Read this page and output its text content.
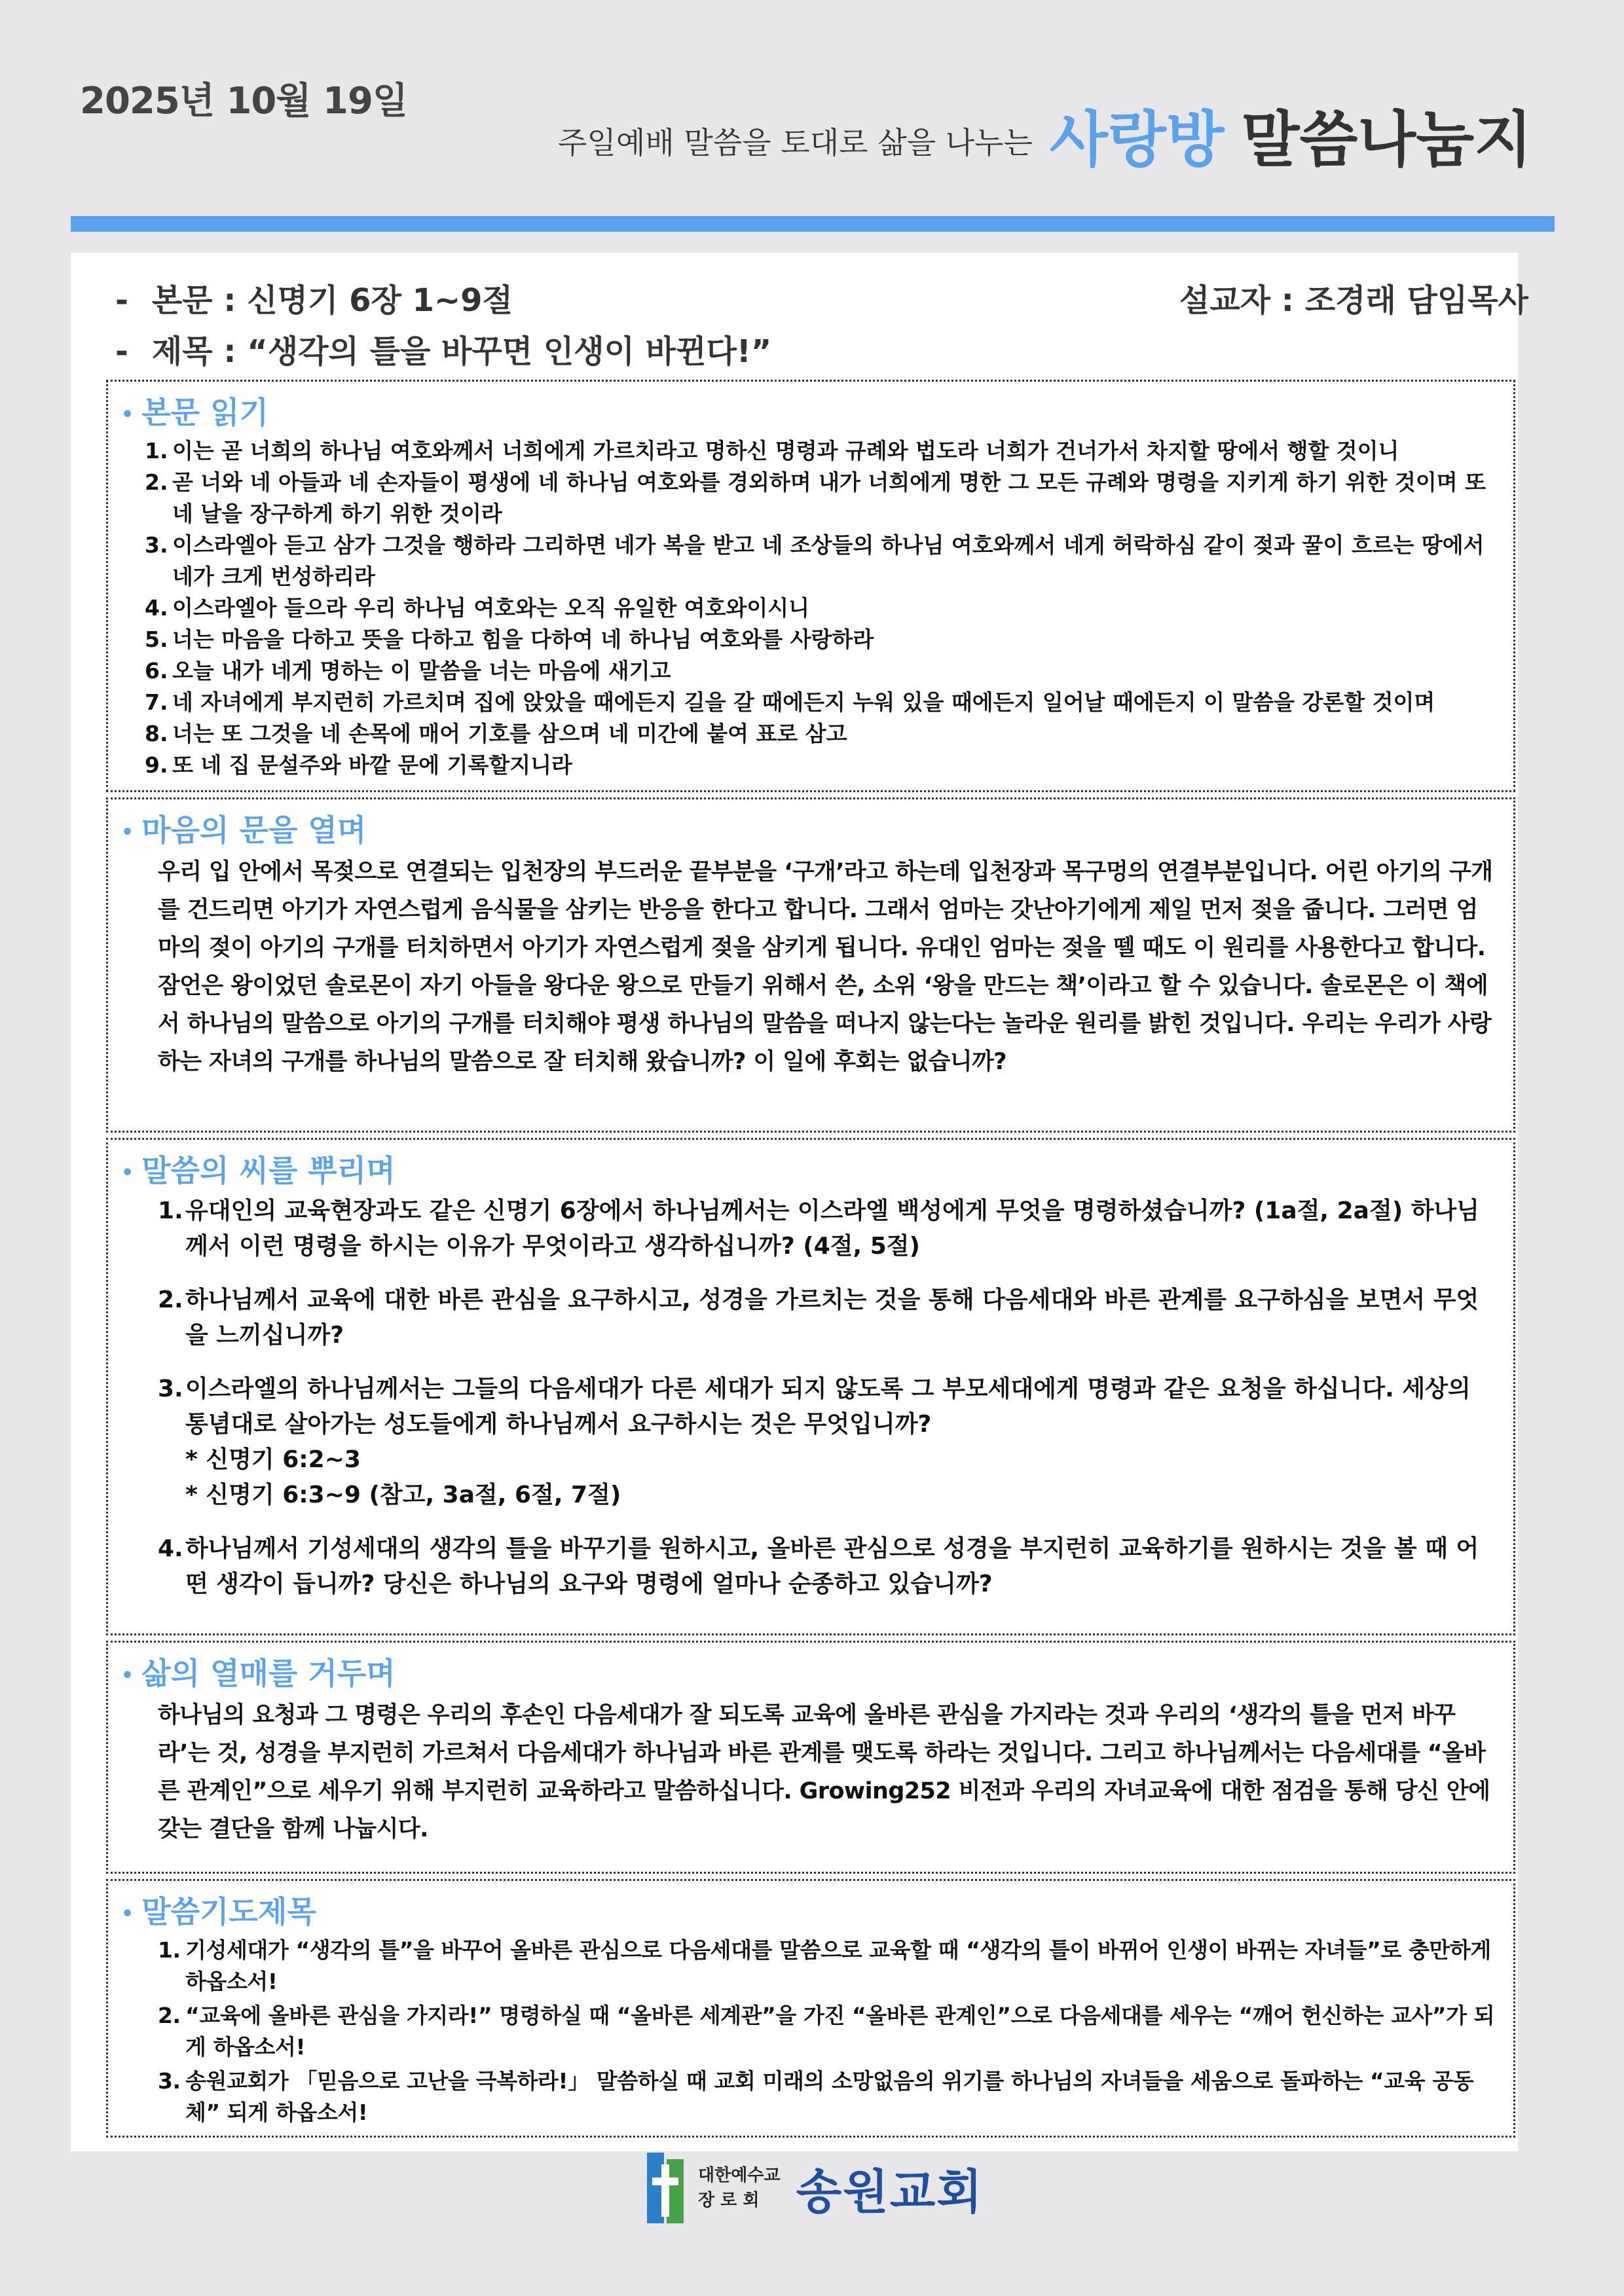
2025년 10월 19일
주일예배 말씀을 토대로 삶을 나누는 사랑방 말씀나눔지
- 본문 : 신명기 6장 1~9절
- 제목 : “생각의 틀을 바꾸면 인생이 바뀐다!”
설교자 : 조경래 담임목사
• 본문 읽기
1. 이는 곧 너희의 하나님 여호와께서 너희에게 가르치라고 명하신 명령과 규례와 법도라 너희가 건너가서 차지할 땅에서 행할 것이니
2. 곧 너와 네 아들과 네 손자들이 평생에 네 하나님 여호와를 경외하며 내가 너희에게 명한 그 모든 규례와 명령을 지키게 하기 위한 것이며 또 네 날을 장구하게 하기 위한 것이라
3. 이스라엘아 듣고 삼가 그것을 행하라 그리하면 네가 복을 받고 네 조상들의 하나님 여호와께서 네게 허락하심 같이 젖과 꿀이 흐르는 땅에서 네가 크게 번성하리라
4. 이스라엘아 들으라 우리 하나님 여호와는 오직 유일한 여호와이시니
5. 너는 마음을 다하고 뜻을 다하고 힘을 다하여 네 하나님 여호와를 사랑하라
6. 오늘 내가 네게 명하는 이 말씀을 너는 마음에 새기고
7. 네 자녀에게 부지런히 가르치며 집에 앉았을 때에든지 길을 갈 때에든지 누워 있을 때에든지 일어날 때에든지 이 말씀을 강론할 것이며
8. 너는 또 그것을 네 손목에 매어 기호를 삼으며 네 미간에 붙여 표로 삼고
9. 또 네 집 문설주와 바깥 문에 기록할지니라
• 마음의 문을 열며

우리 입 안에서 목젖으로 연결되는 입천장의 부드러운 끝부분을 ‘구개’라고 하는데 입천장과 목구멍의 연결부분입니다. 어린 아기의 구개를 건드리면 아기가 자연스럽게 음식물을 삼키는 반응을 한다고 합니다. 그래서 엄마는 갓난아기에게 제일 먼저 젖을 줍니다. 그러면 엄마의 젖이 아기의 구개를 터치하면서 아기가 자연스럽게 젖을 삼키게 됩니다. 유대인 엄마는 젖을 뗄 때도 이 원리를 사용한다고 합니다.

잠언은 왕이었던 솔로몬이 자기 아들을 왕다운 왕으로 만들기 위해서 쓴, 소위 ‘왕을 만드는 책’이라고 할 수 있습니다. 솔로몬은 이 책에서 하나님의 말씀으로 아기의 구개를 터치해야 평생 하나님의 말씀을 떠나지 않는다는 놀라운 원리를 밝힌 것입니다. 우리는 우리가 사랑하는 자녀의 구개를 하나님의 말씀으로 잘 터치해 왔습니까? 이 일에 후회는 없습니까?

• 말씀의 씨를 뿌리며
1. 유대인의 교육현장과도 같은 신명기 6장에서 하나님께서는 이스라엘 백성에게 무엇을 명령하셨습니까? (1a절, 2a절) 하나님께서 이런 명령을 하시는 이유가 무엇이라고 생각하십니까? (4절, 5절)
2. 하나님께서 교육에 대한 바른 관심을 요구하시고, 성경을 가르치는 것을 통해 다음세대와 바른 관계를 요구하심을 보면서 무엇을 느끼십니까?
3. 이스라엘의 하나님께서는 그들의 다음세대가 다른 세대가 되지 않도록 그 부모세대에게 명령과 같은 요청을 하십니다. 세상의 통념대로 살아가는 성도들에게 하나님께서 요구하시는 것은 무엇입니까?
* 신명기 6:2~3
* 신명기 6:3~9 (참고, 3a절, 6절, 7절)
4. 하나님께서 기성세대의 생각의 틀을 바꾸기를 원하시고, 올바른 관심으로 성경을 부지런히 교육하기를 원하시는 것을 볼 때 어떤 생각이 듭니까? 당신은 하나님의 요구와 명령에 얼마나 순종하고 있습니까?
• 삶의 열매를 거두며

하나님의 요청과 그 명령은 우리의 후손인 다음세대가 잘 되도록 교육에 올바른 관심을 가지라는 것과 우리의 ‘생각의 틀을 먼저 바꾸라’는 것, 성경을 부지런히 가르쳐서 다음세대가 하나님과 바른 관계를 맺도록 하라는 것입니다. 그리고 하나님께서는 다음세대를 “올바른 관계인”으로 세우기 위해 부지런히 교육하라고 말씀하십니다. Growing252 비전과 우리의 자녀교육에 대한 점검을 통해 당신 안에 갖는 결단을 함께 나눕시다.

• 말씀기도제목
1. 기성세대가 “생각의 틀”을 바꾸어 올바른 관심으로 다음세대를 말씀으로 교육할 때 “생각의 틀이 바뀌어 인생이 바뀌는 자녀들”로 충만하게 하옵소서!
2. “교육에 올바른 관심을 가지라!” 명령하실 때 “올바른 세계관”을 가진 “올바른 관계인”으로 다음세대를 세우는 “깨어 헌신하는 교사”가 되게 하옵소서!
3. 송원교회가 「믿음으로 고난을 극복하라!」 말씀하실 때 교회 미래의 소망없음의 위기를 하나님의 자녀들을 세움으로 돌파하는 “교육 공동체” 되게 하옵소서!
대한예수교
장 로 회 송원교회
